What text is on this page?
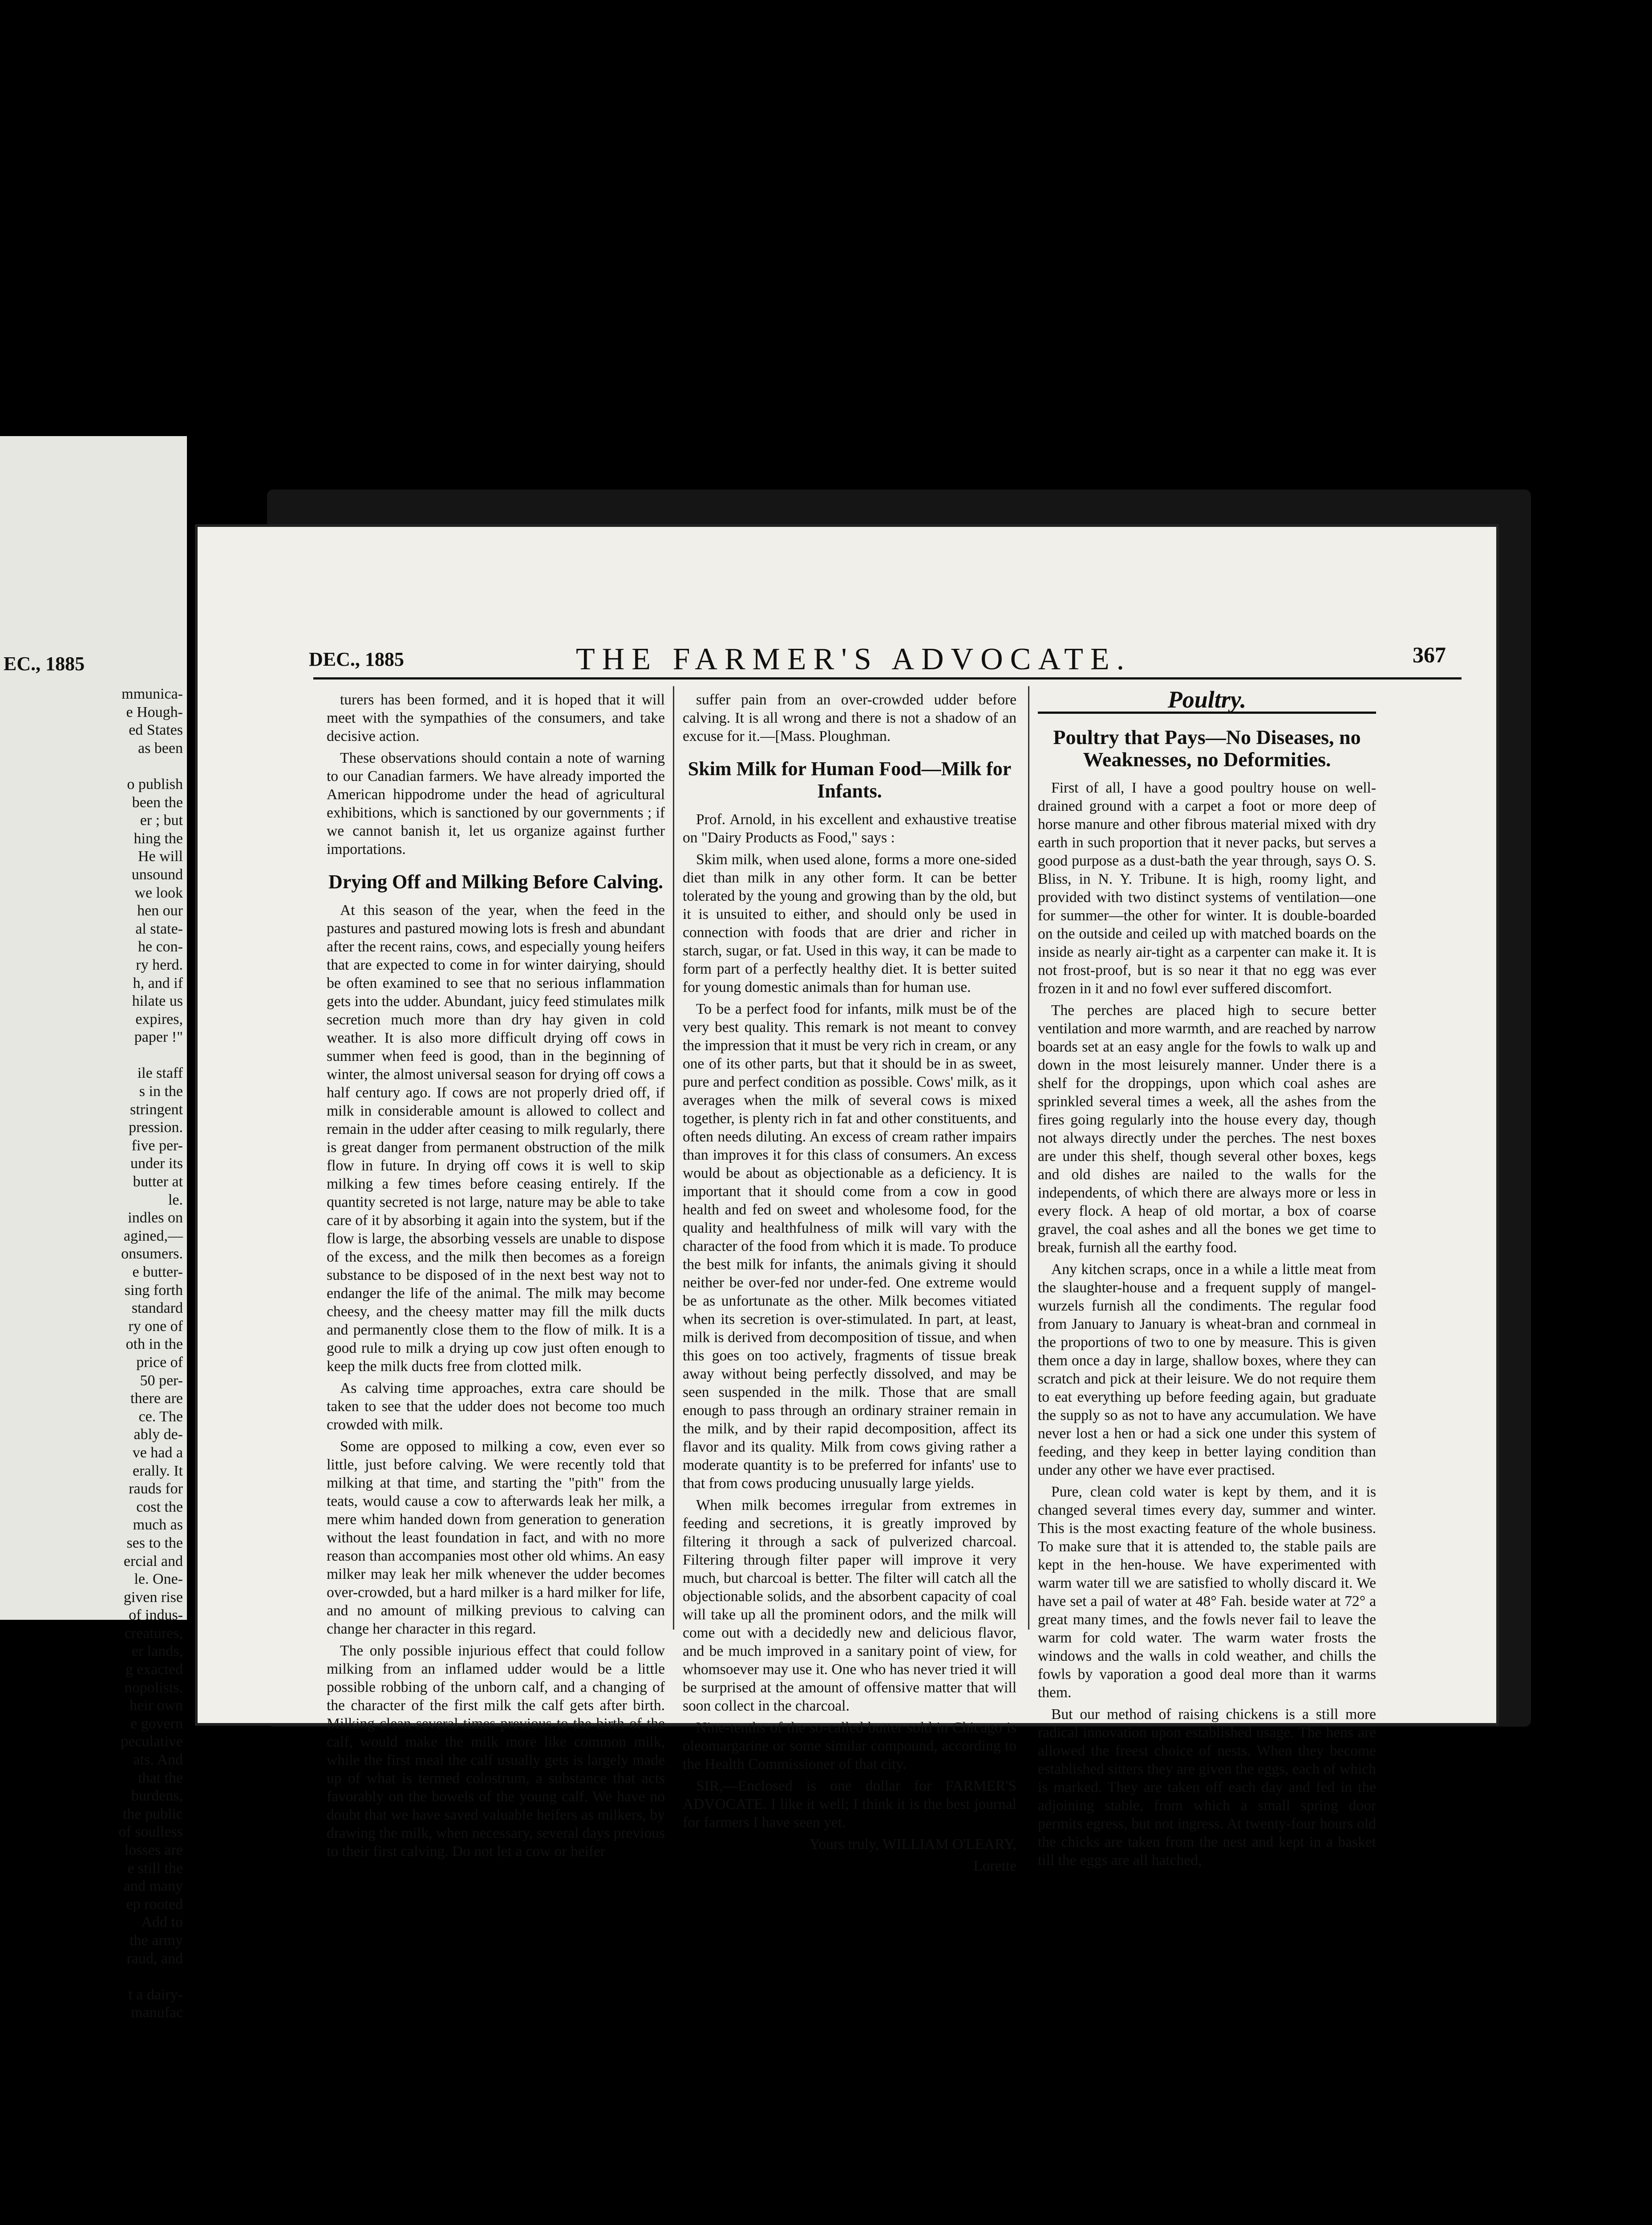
EC., 1885
mmunica-
e Hough-
ed States
as been

o publish
been the
er ; but
hing the
He will
unsound
we look
hen our
al state-
he con-
ry herd.
h, and if
hilate us
expires,
paper !"

ile staff
s in the
stringent
pression.
five per-
under its
butter at
le.
indles on
agined,—
onsumers.
e butter-
sing forth
standard
ry one of
oth in the
price of
50 per-
there are
ce. The
ably de-
ve had a
erally. It
rauds for
cost the
much as
ses to the
ercial and
le. One-
given rise
of indus-
creatures,
er lands,
g exacted
nopolists.
heir own
e govern
peculative
ats. And
that the
burdens,
the public
of soulless
losses are
e still the
and many
ep rooted
Add to
the army
raud, and

t a dairy-
manufac
DEC., 1885	THE FARMER'S ADVOCATE.	367

turers has been formed, and it is hoped that it will meet with the sympathies of the consumers, and take decisive action.

These observations should contain a note of warning to our Canadian farmers. We have already imported the American hippodrome under the head of agricultural exhibitions, which is sanctioned by our governments ; if we cannot banish it, let us organize against further importations.

Drying Off and Milking Before Calving.

At this season of the year, when the feed in the pastures and pastured mowing lots is fresh and abundant after the recent rains, cows, and especially young heifers that are expected to come in for winter dairying, should be often examined to see that no serious inflammation gets into the udder. Abundant, juicy feed stimulates milk secretion much more than dry hay given in cold weather. It is also more difficult drying off cows in summer when feed is good, than in the beginning of winter, the almost universal season for drying off cows a half century ago. If cows are not properly dried off, if milk in considerable amount is allowed to collect and remain in the udder after ceasing to milk regularly, there is great danger from permanent obstruction of the milk flow in future. In drying off cows it is well to skip milking a few times before ceasing entirely. If the quantity secreted is not large, nature may be able to take care of it by absorbing it again into the system, but if the flow is large, the absorbing vessels are unable to dispose of the excess, and the milk then becomes as a foreign substance to be disposed of in the next best way not to endanger the life of the animal. The milk may become cheesy, and the cheesy matter may fill the milk ducts and permanently close them to the flow of milk. It is a good rule to milk a drying up cow just often enough to keep the milk ducts free from clotted milk.

As calving time approaches, extra care should be taken to see that the udder does not become too much crowded with milk.

Some are opposed to milking a cow, even ever so little, just before calving. We were recently told that milking at that time, and starting the "pith" from the teats, would cause a cow to afterwards leak her milk, a mere whim handed down from generation to generation without the least foundation in fact, and with no more reason than accompanies most other old whims. An easy milker may leak her milk whenever the udder becomes over-crowded, but a hard milker is a hard milker for life, and no amount of milking previous to calving can change her character in this regard.

The only possible injurious effect that could follow milking from an inflamed udder would be a little possible robbing of the unborn calf, and a changing of the character of the first milk the calf gets after birth. Milking clean several times previous to the birth of the calf, would make the milk more like common milk, while the first meal the calf usually gets is largely made up of what is termed colostrum, a substance that acts favorably on the bowels of the young calf. We have no doubt that we have saved valuable heifers as milkers, by drawing the milk, when necessary, several days previous to their first calving. Do not let a cow or heifer

suffer pain from an over-crowded udder before calving. It is all wrong and there is not a shadow of an excuse for it.—[Mass. Ploughman.

Skim Milk for Human Food—Milk for Infants.

Prof. Arnold, in his excellent and exhaustive treatise on "Dairy Products as Food," says :

Skim milk, when used alone, forms a more one-sided diet than milk in any other form. It can be better tolerated by the young and growing than by the old, but it is unsuited to either, and should only be used in connection with foods that are drier and richer in starch, sugar, or fat. Used in this way, it can be made to form part of a perfectly healthy diet. It is better suited for young domestic animals than for human use.

To be a perfect food for infants, milk must be of the very best quality. This remark is not meant to convey the impression that it must be very rich in cream, or any one of its other parts, but that it should be in as sweet, pure and perfect condition as possible. Cows' milk, as it averages when the milk of several cows is mixed together, is plenty rich in fat and other constituents, and often needs diluting. An excess of cream rather impairs than improves it for this class of consumers. An excess would be about as objectionable as a deficiency. It is important that it should come from a cow in good health and fed on sweet and wholesome food, for the quality and healthfulness of milk will vary with the character of the food from which it is made. To produce the best milk for infants, the animals giving it should neither be over-fed nor under-fed. One extreme would be as unfortunate as the other. Milk becomes vitiated when its secretion is over-stimulated. In part, at least, milk is derived from decomposition of tissue, and when this goes on too actively, fragments of tissue break away without being perfectly dissolved, and may be seen suspended in the milk. Those that are small enough to pass through an ordinary strainer remain in the milk, and by their rapid decomposition, affect its flavor and its quality. Milk from cows giving rather a moderate quantity is to be preferred for infants' use to that from cows producing unusually large yields.

When milk becomes irregular from extremes in feeding and secretions, it is greatly improved by filtering it through a sack of pulverized charcoal. Filtering through filter paper will improve it very much, but charcoal is better. The filter will catch all the objectionable solids, and the absorbent capacity of coal will take up all the prominent odors, and the milk will come out with a decidedly new and delicious flavor, and be much improved in a sanitary point of view, for whomsoever may use it. One who has never tried it will be surprised at the amount of offensive matter that will soon collect in the charcoal.

Nine-tenths of the so-called butter sold in Chicago is oleomargarine or some similar compound, according to the Health Commissioner of that city.

SIR,—Enclosed is one dollar for FARMER'S ADVOCATE. I like it well; I think it is the best journal for farmers I have seen yet.

Yours truly, WILLIAM O'LEARY,

Lorette

Poultry.
Poultry that Pays—No Diseases, no Weaknesses, no Deformities.

First of all, I have a good poultry house on well-drained ground with a carpet a foot or more deep of horse manure and other fibrous material mixed with dry earth in such proportion that it never packs, but serves a good purpose as a dust-bath the year through, says O. S. Bliss, in N. Y. Tribune. It is high, roomy light, and provided with two distinct systems of ventilation—one for summer—the other for winter. It is double-boarded on the outside and ceiled up with matched boards on the inside as nearly air-tight as a carpenter can make it. It is not frost-proof, but is so near it that no egg was ever frozen in it and no fowl ever suffered discomfort.

The perches are placed high to secure better ventilation and more warmth, and are reached by narrow boards set at an easy angle for the fowls to walk up and down in the most leisurely manner. Under there is a shelf for the droppings, upon which coal ashes are sprinkled several times a week, all the ashes from the fires going regularly into the house every day, though not always directly under the perches. The nest boxes are under this shelf, though several other boxes, kegs and old dishes are nailed to the walls for the independents, of which there are always more or less in every flock. A heap of old mortar, a box of coarse gravel, the coal ashes and all the bones we get time to break, furnish all the earthy food.

Any kitchen scraps, once in a while a little meat from the slaughter-house and a frequent supply of mangel-wurzels furnish all the condiments. The regular food from January to January is wheat-bran and cornmeal in the proportions of two to one by measure. This is given them once a day in large, shallow boxes, where they can scratch and pick at their leisure. We do not require them to eat everything up before feeding again, but graduate the supply so as not to have any accumulation. We have never lost a hen or had a sick one under this system of feeding, and they keep in better laying condition than under any other we have ever practised.

Pure, clean cold water is kept by them, and it is changed several times every day, summer and winter. This is the most exacting feature of the whole business. To make sure that it is attended to, the stable pails are kept in the hen-house. We have experimented with warm water till we are satisfied to wholly discard it. We have set a pail of water at 48° Fah. beside water at 72° a great many times, and the fowls never fail to leave the warm for cold water. The warm water frosts the windows and the walls in cold weather, and chills the fowls by vaporation a good deal more than it warms them.

But our method of raising chickens is a still more radical innovation upon established usage. The hens are allowed the freest choice of nests. When they become established sitters they are given the eggs, each of which is marked. They are taken off each day and fed in the adjoining stable, from which a small spring door permits egress, but not ingress. At twenty-four hours old the chicks are taken from the nest and kept in a basket till the eggs are all hatched,
